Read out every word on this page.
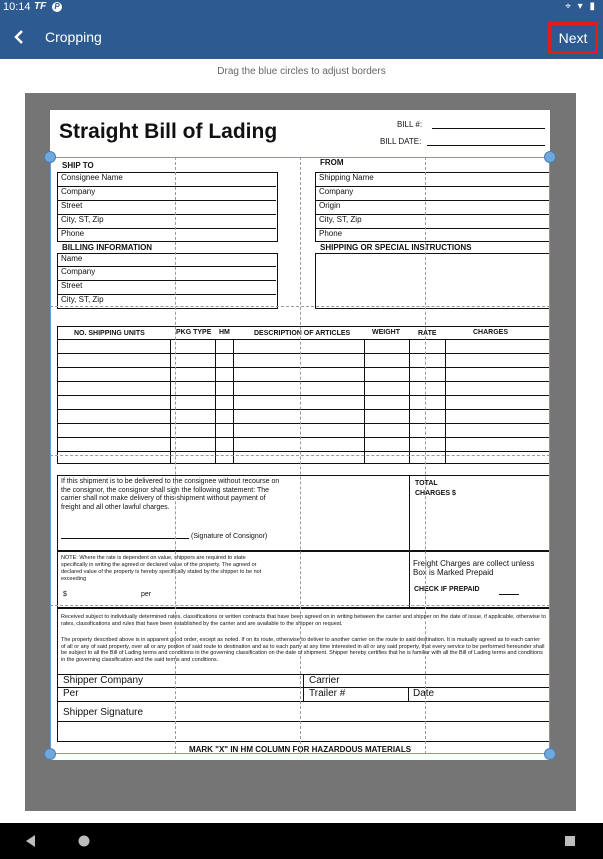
10:14 TF P	⌖ ▾ ▮
Cropping	Next
Drag the blue circles to adjust borders
Straight Bill of Lading	BILL #:
BILL DATE:
SHIP TO
Consignee Name
Company
Street
City, ST, Zip
Phone
FROM
Shipping Name
Company
Origin
City, ST, Zip
Phone
BILLING INFORMATION
Name
Company
Street
City, ST, Zip
SHIPPING OR SPECIAL INSTRUCTIONS
NO. SHIPPING UNITS	PKG TYPE HM	DESCRIPTION OF ARTICLES	WEIGHT	RATE	CHARGES
If this shipment is to be delivered to the consignee without recourse on the consignor, the consignor shall sign the following statement: The carrier shall not make delivery of this shipment without payment of freight and all other lawful charges.
(Signature of Consignor)
TOTAL CHARGES $
NOTE: Where the rate is dependent on value, shippers are required to state specifically in writing the agreed or declared value of the property. The agreed or declared value of the property is hereby specifically stated by the shipper to be not exceeding
$	per
Freight Charges are collect unless Box is Marked Prepaid
CHECK IF PREPAID
Received subject to individually determined rates, classifications or written contracts that have been agreed on in writing between the carrier and shipper on the date of issue, if applicable, otherwise to rates, classifications and rules that have been established by the carrier and are available to the shipper on request.
The property described above is in apparent good order, except as noted. If on its route, otherwise to deliver to another carrier on the route to said destination. It is mutually agreed as to each carrier of all or any of said property, over all or any portion of said route to destination and as to each party at any time interested in all or any said property, that every service to be performed hereunder shall be subject to all the Bill of Lading terms and conditions in the governing classification on the date of shipment. Shipper hereby certifies that he is familiar with all the Bill of Lading terms and conditions in the governing classification and the said terms and conditions.
Shipper Company	Carrier
Per	Trailer #	Date
Shipper Signature
MARK "X" IN HM COLUMN FOR HAZARDOUS MATERIALS
